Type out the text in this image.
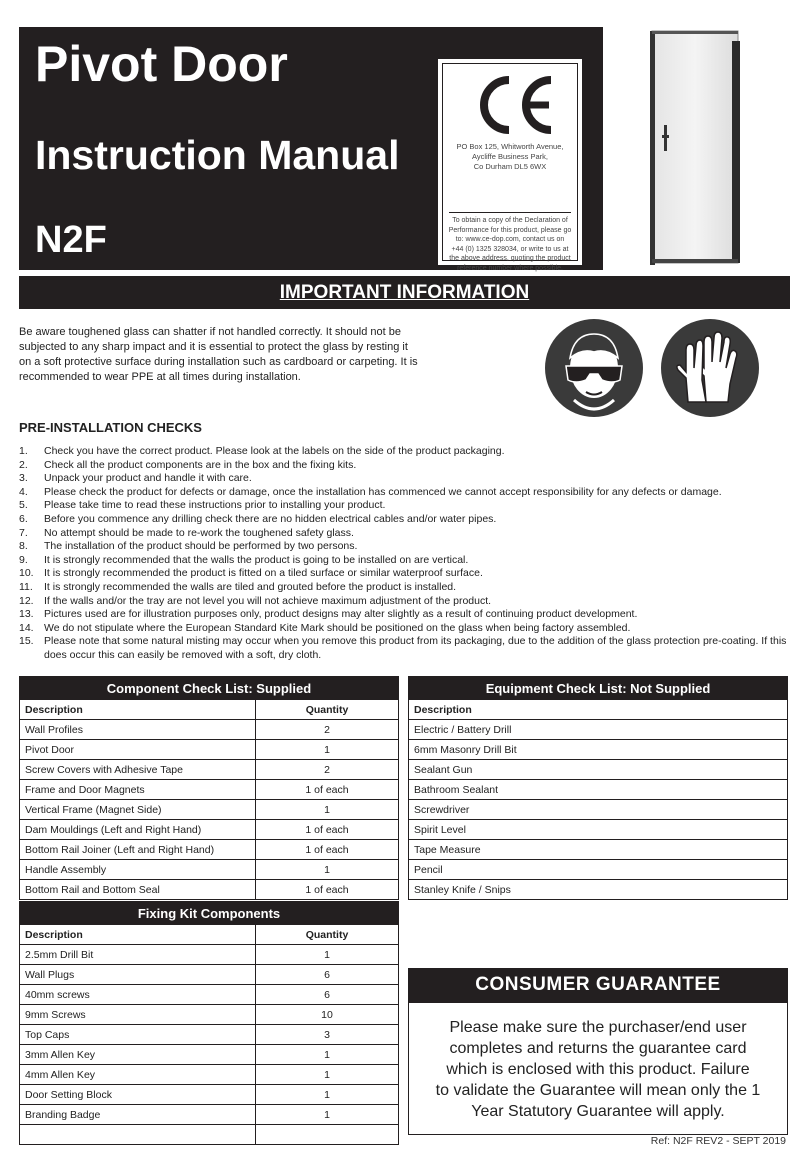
Pivot Door
Instruction Manual
N2F
PO Box 125, Whitworth Avenue,
Aycliffe Business Park,
Co Durham DL5 6WX
To obtain a copy of the Declaration of
Performance for this product, please go
to: www.ce-dop.com, contact us on
+44 (0) 1325 328034, or write to us at
the above address, quoting the product
reference number where possible.
IMPORTANT INFORMATION

Be aware toughened glass can shatter if not handled correctly. It should not be subjected to any sharp impact and it is essential to protect the glass by resting it on a soft protective surface during installation such as cardboard or carpeting. It is recommended to wear PPE at all times during installation.

PRE-INSTALLATION CHECKS
1. Check you have the correct product. Please look at the labels on the side of the product packaging.
2. Check all the product components are in the box and the fixing kits.
3. Unpack your product and handle it with care.
4. Please check the product for defects or damage, once the installation has commenced we cannot accept responsibility for any defects or damage.
5. Please take time to read these instructions prior to installing your product.
6. Before you commence any drilling check there are no hidden electrical cables and/or water pipes.
7. No attempt should be made to re-work the toughened safety glass.
8. The installation of the product should be performed by two persons.
9. It is strongly recommended that the walls the product is going to be installed on are vertical.
10. It is strongly recommended the product is fitted on a tiled surface or similar waterproof surface.
11. It is strongly recommended the walls are tiled and grouted before the product is installed.
12. If the walls and/or the tray are not level you will not achieve maximum adjustment of the product.
13. Pictures used are for illustration purposes only, product designs may alter slightly as a result of continuing product development.
14. We do not stipulate where the European Standard Kite Mark should be positioned on the glass when being factory assembled.
15. Please note that some natural misting may occur when you remove this product from its packaging, due to the addition of the glass protection pre-coating. If this does occur this can easily be removed with a soft, dry cloth.
Component Check List: Supplied	
Description	Quantity
Wall Profiles	2
Pivot Door	1
Screw Covers with Adhesive Tape	2
Frame and Door Magnets	1 of each
Vertical Frame (Magnet Side)	1
Dam Mouldings (Left and Right Hand)	1 of each
Bottom Rail Joiner (Left and Right Hand)	1 of each
Handle Assembly	1
Bottom Rail and Bottom Seal	1 of each
Equipment Check List: Not Supplied
Description
Electric / Battery Drill
6mm Masonry Drill Bit
Sealant Gun
Bathroom Sealant
Screwdriver
Spirit Level
Tape Measure
Pencil
Stanley Knife / Snips
Fixing Kit Components	
Description	Quantity
2.5mm Drill Bit	1
Wall Plugs	6
40mm screws	6
9mm Screws	10
Top Caps	3
3mm Allen Key	1
4mm Allen Key	1
Door Setting Block	1
Branding Badge	1

CONSUMER GUARANTEE
Please make sure the purchaser/end user
completes and returns the guarantee card
which is enclosed with this product. Failure
to validate the Guarantee will mean only the 1
Year Statutory Guarantee will apply.
Ref: N2F REV2 - SEPT 2019
